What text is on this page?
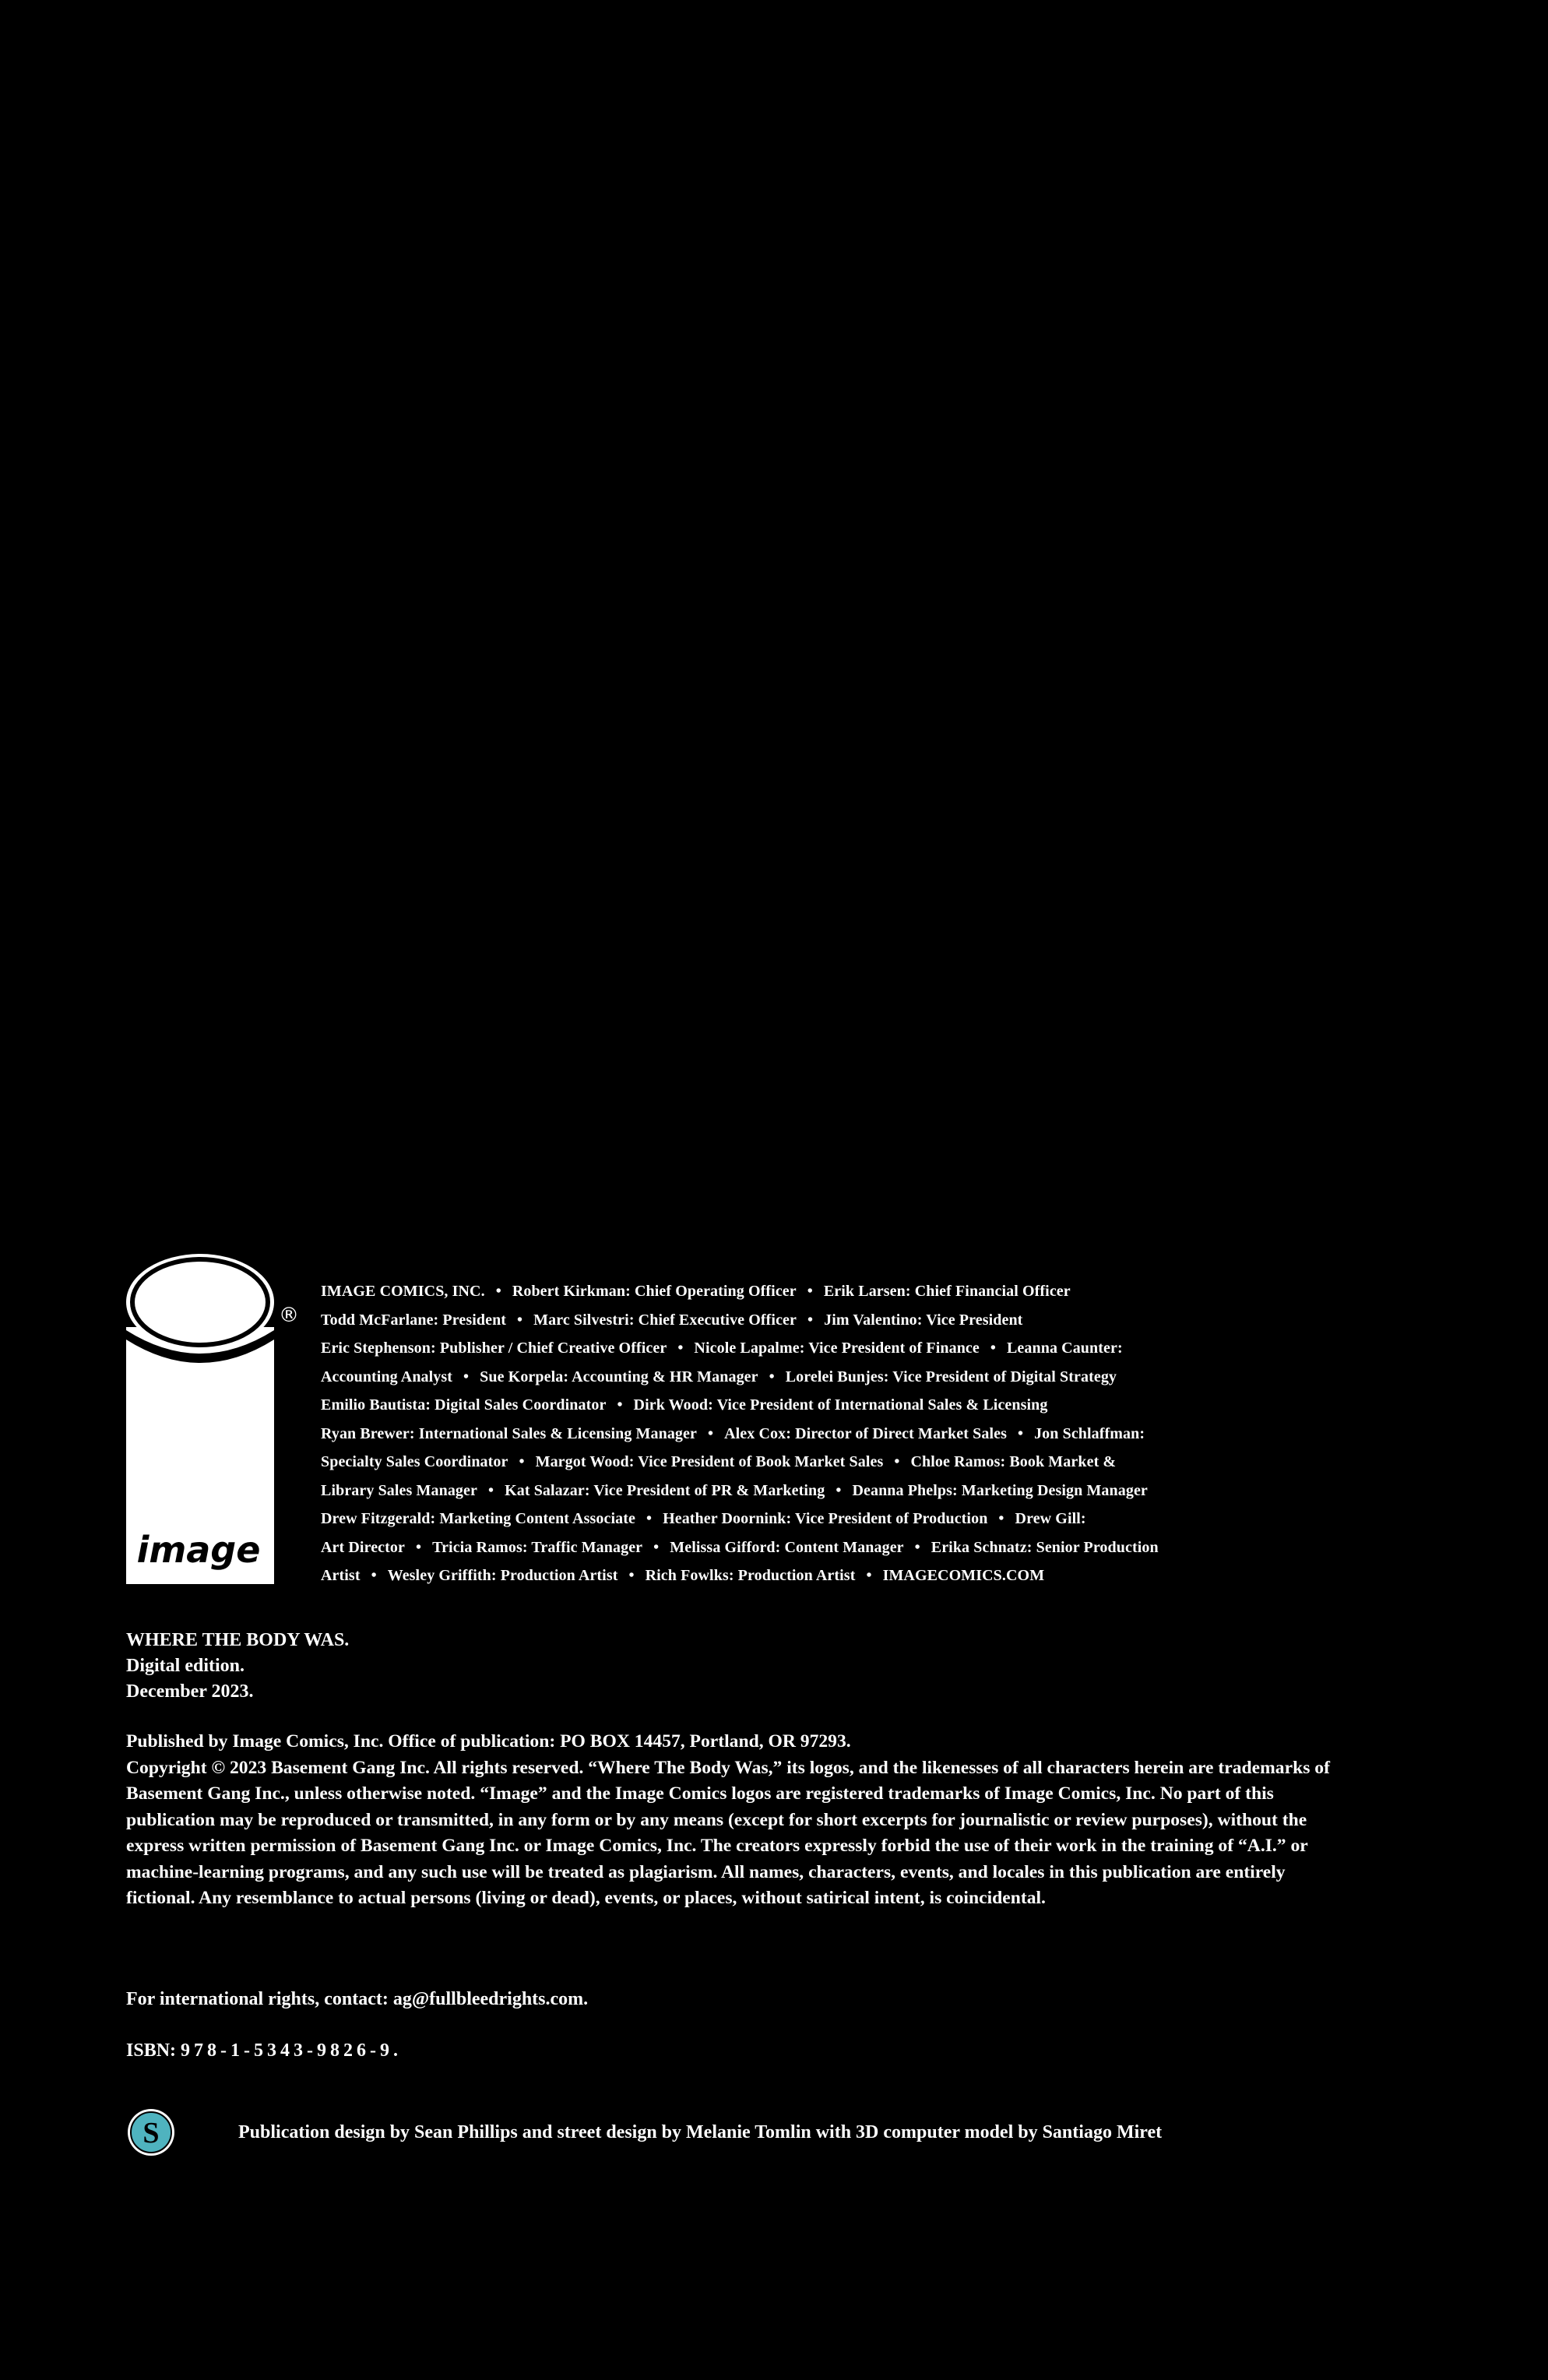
image
®
IMAGE COMICS, INC. • Robert Kirkman: Chief Operating Officer • Erik Larsen: Chief Financial Officer
Todd McFarlane: President • Marc Silvestri: Chief Executive Officer • Jim Valentino: Vice President
Eric Stephenson: Publisher / Chief Creative Officer • Nicole Lapalme: Vice President of Finance • Leanna Caunter:
Accounting Analyst • Sue Korpela: Accounting & HR Manager • Lorelei Bunjes: Vice President of Digital Strategy
Emilio Bautista: Digital Sales Coordinator • Dirk Wood: Vice President of International Sales & Licensing
Ryan Brewer: International Sales & Licensing Manager • Alex Cox: Director of Direct Market Sales • Jon Schlaffman:
Specialty Sales Coordinator • Margot Wood: Vice President of Book Market Sales • Chloe Ramos: Book Market &
Library Sales Manager • Kat Salazar: Vice President of PR & Marketing • Deanna Phelps: Marketing Design Manager
Drew Fitzgerald: Marketing Content Associate • Heather Doornink: Vice President of Production • Drew Gill:
Art Director • Tricia Ramos: Traffic Manager • Melissa Gifford: Content Manager • Erika Schnatz: Senior Production
Artist • Wesley Griffith: Production Artist • Rich Fowlks: Production Artist • IMAGECOMICS.COM
WHERE THE BODY WAS.
Digital edition.
December 2023.
Published by Image Comics, Inc. Office of publication: PO BOX 14457, Portland, OR 97293.
Copyright © 2023 Basement Gang Inc. All rights reserved. “Where The Body Was,” its logos, and the likenesses of all characters herein are trademarks of
Basement Gang Inc., unless otherwise noted. “Image” and the Image Comics logos are registered trademarks of Image Comics, Inc. No part of this
publication may be reproduced or transmitted, in any form or by any means (except for short excerpts for journalistic or review purposes), without the
express written permission of Basement Gang Inc. or Image Comics, Inc. The creators expressly forbid the use of their work in the training of “A.I.” or
machine-learning programs, and any such use will be treated as plagiarism. All names, characters, events, and locales in this publication are entirely
fictional. Any resemblance to actual persons (living or dead), events, or places, without satirical intent, is coincidental.
For international rights, contact: ag@fullbleedrights.com.
ISBN: 978-1-5343-9826-9.
S	Publication design by Sean Phillips and street design by Melanie Tomlin with 3D computer model by Santiago Miret
